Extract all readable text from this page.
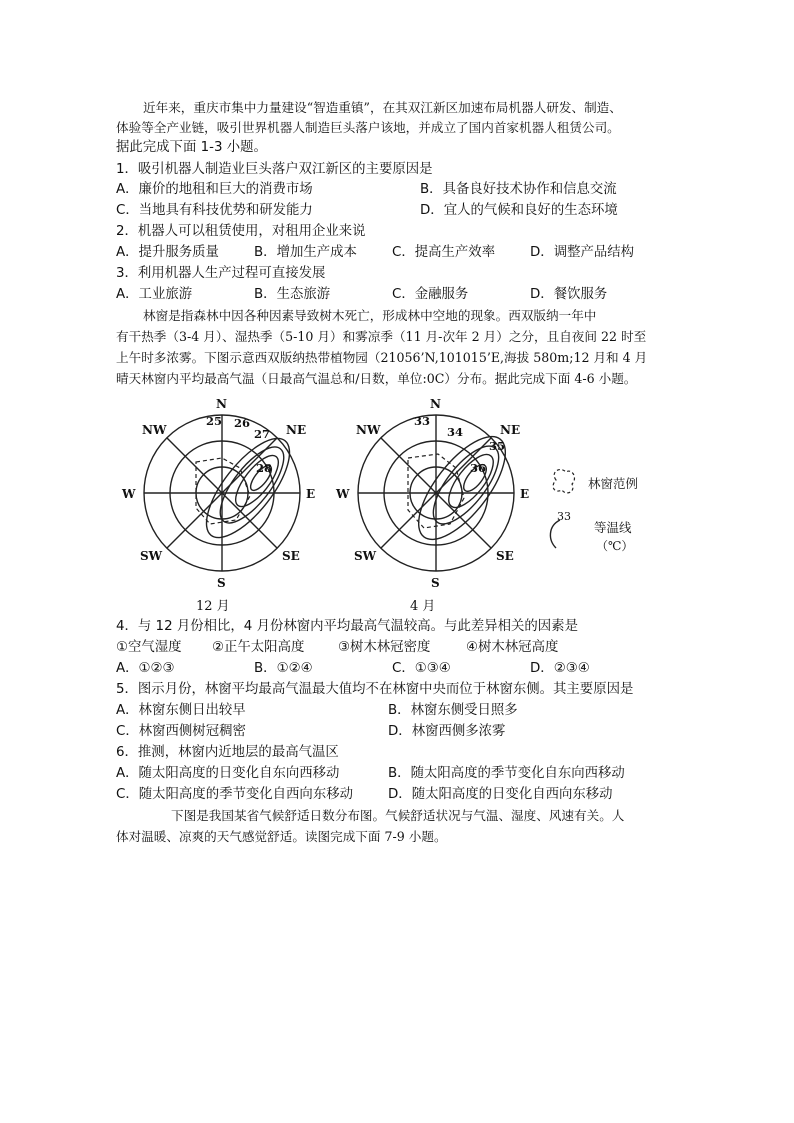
近年来，重庆市集中力量建设“智造重镇”，在其双江新区加速布局机器人研发、制造、
体验等全产业链，吸引世界机器人制造巨头落户该地，并成立了国内首家机器人租赁公司。
据此完成下面 1-3 小题。
1．吸引机器人制造业巨头落户双江新区的主要原因是
A．廉价的地租和巨大的消费市场	B．具备良好技术协作和信息交流
C．当地具有科技优势和研发能力	D．宜人的气候和良好的生态环境
2．机器人可以租赁使用，对租用企业来说
A．提升服务质量	B．增加生产成本	C．提高生产效率	D．调整产品结构
3．利用机器人生产过程可直接发展
A．工业旅游	B．生态旅游	C．金融服务	D．餐饮服务
林窗是指森林中因各种因素导致树木死亡，形成林中空地的现象。西双版纳一年中
有干热季（3-4 月）、湿热季（5-10 月）和雾凉季（11 月-次年 2 月）之分，且自夜间 22 时至
上午时多浓雾。下图示意西双版纳热带植物园（21056’N,101015’E,海拔 580m;12 月和 4 月
晴天林窗内平均最高气温（日最高气温总和/日数，单位:0C）分布。据此完成下面 4-6 小题。
N
NE
E
SE
S
SW
W
NW
25 26
27
28
12 月
N
NE
E
SE
S
SW
W
NW
33
34
35
36
4 月
林窗范例
33
等温线
（℃）
4．与 12 月份相比，4 月份林窗内平均最高气温较高。与此差异相关的因素是
①空气湿度 ②正午太阳高度	③树木林冠密度	④树木林冠高度
A．①②③	B．①②④	C．①③④	D．②③④
5．图示月份，林窗平均最高气温最大值均不在林窗中央而位于林窗东侧。其主要原因是
A．林窗东侧日出较早	B．林窗东侧受日照多
C．林窗西侧树冠稠密	D．林窗西侧多浓雾
6．推测，林窗内近地层的最高气温区
A．随太阳高度的日变化自东向西移动	B．随太阳高度的季节变化自东向西移动
C．随太阳高度的季节变化自西向东移动	D．随太阳高度的日变化自西向东移动
下图是我国某省气候舒适日数分布图。气候舒适状况与气温、湿度、风速有关。人
体对温暖、凉爽的天气感觉舒适。读图完成下面 7-9 小题。
